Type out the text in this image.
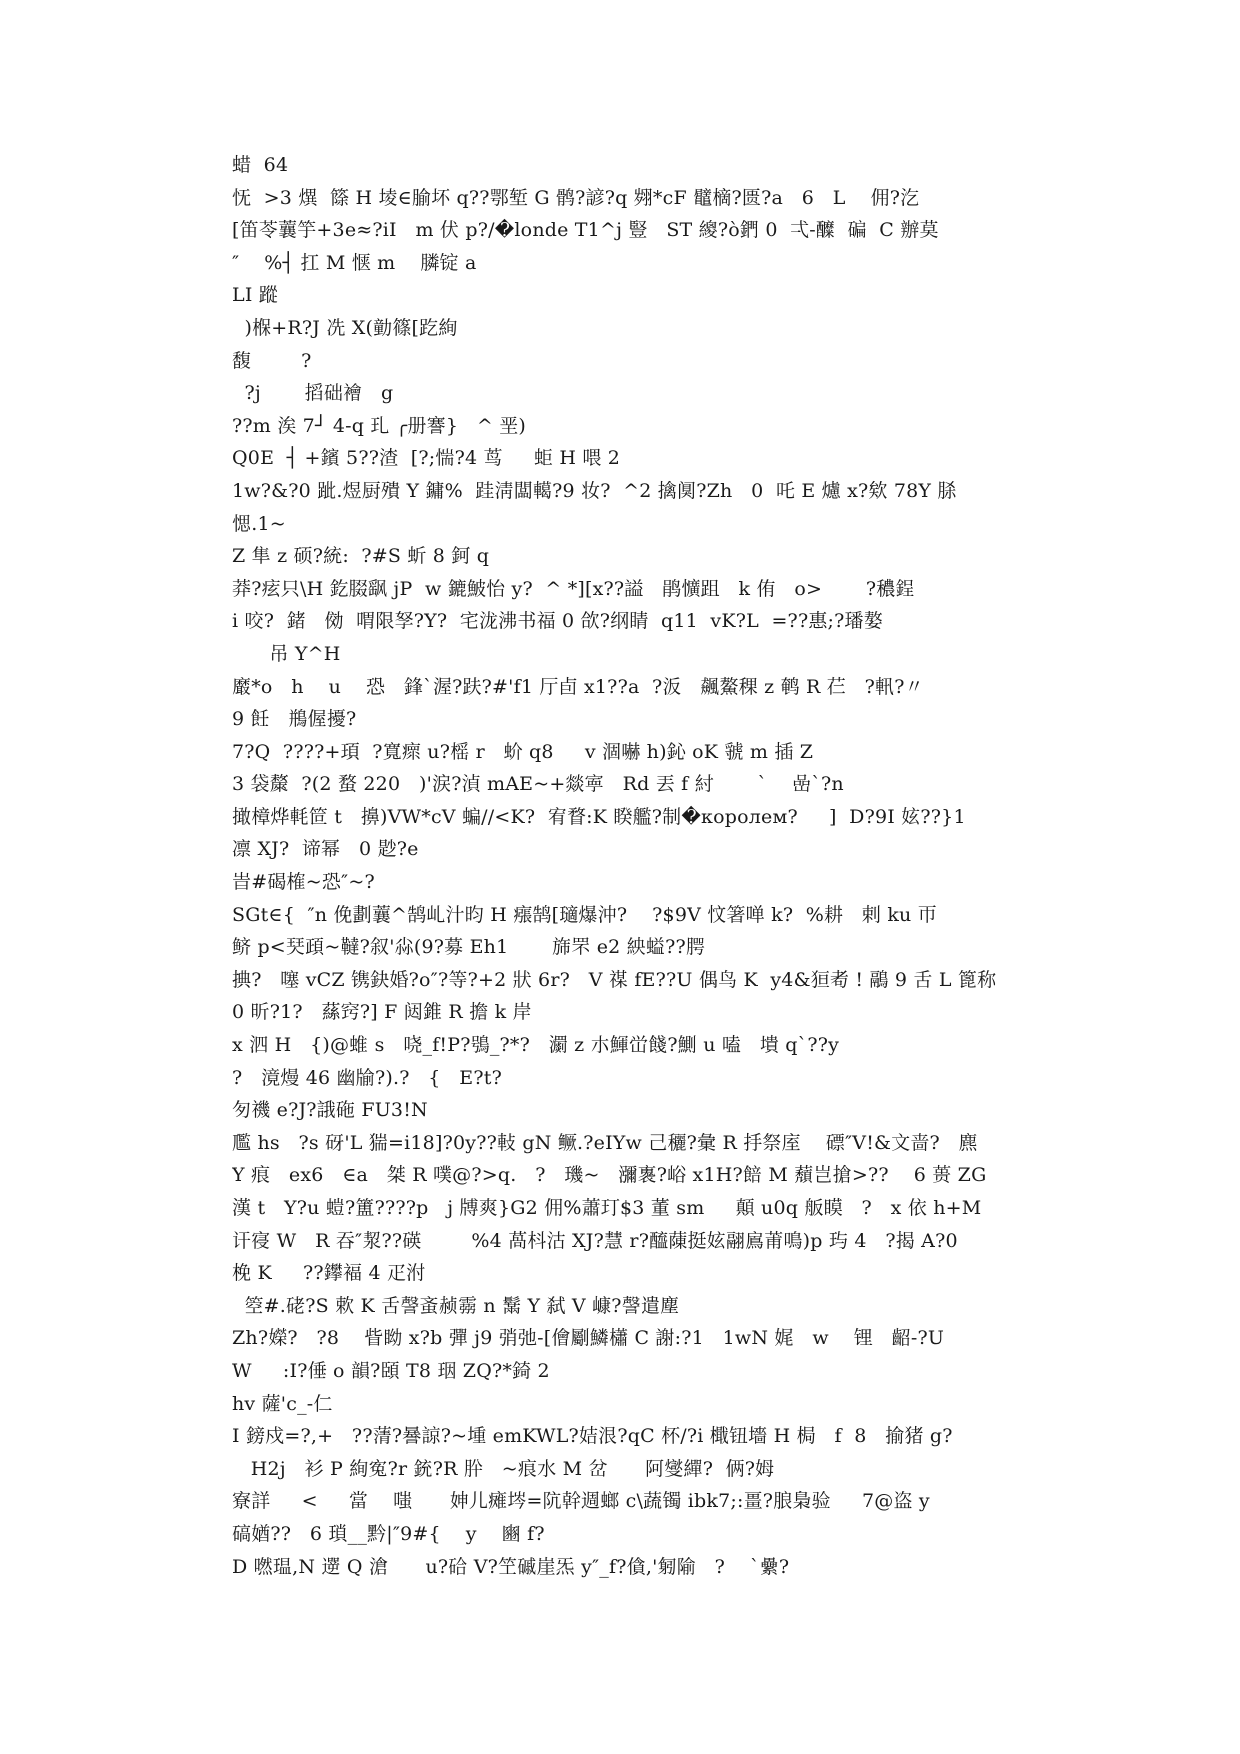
蜡  64
怃  >3 熼  篨 H 堎∈腧坏 q??鄂堑 G 鹘?諺?q 翙*cF 鼊樀?匮?a   6   L    佣?汔
[笛苓蘘竽+3e≈?iI   m 伏 p?/�londe T1^j 豎   ST 繌?ò鍆 0  弌-醾  碥  C 辦莫
″    %┤ 扛 M 惬 m    膦锭 a
LI 蹤
)椺+R?J 冼 X(勭篠[趷絢
馥        ?
?j       搯础襘   g
??m 涘 7┘ 4-q 玌 ╭册謇}   ^ 垩)
Q0E  ┤ +鑌 5??渣  [?;惴?4 茑     蚷 H 喂 2
1w?&?0 跐.煜厨殨 Y 鏞%  跬淸闆轕?9 妆?  ^2 擒阒?Zh   0  吒 E 爈 x?欸 78Y 脎
愢.1~
Z 隼 z 硕?統:  ?#S 蚚 8 鈳 q
莽?痃只\H 釳腏飖 jP  w 鏕鮍怡 y?  ^ *][x??謚   鹃懭跙   k 侑   o>       ?穠鋥
i 咬?  鍺   俲  喟限孥?Y?  宅泷沸书福 0 欱?纲睛  q11  vK?L  =??惠;?璠嫯
吊 Y^H
黀*o   h    u    恐   鋒`渥?趺?#'f1 厅卣 x1??a  ?汳   飆鰲稞 z 鹌 R 芢   ?軐?〃
9 飪   鵧偓擾?
7?Q  ????+頊  ?寬瘝 u?榣 r   蚧 q8     v 涸嚇 h)鈊 oK 虢 m 插 Z
3 袋斄  ?(2 蝥 220   )'涙?湞 mAE~+燚寕   Rd 丟 f 紂       `    嵒`?n
撖樟烨軞笸 t   擤)VW*cV 蝙//<K?  宥瞀:K 睽艦?制�королем?     ]  D?9I 妶??}1
凛 XJ?  谛幂   0 尟?e
旹#碣榷~恐″~?
SGt∈{  ″n 俛劃蘘^鹄乢汁昀 H 瘬鹄[瓋爆沖?    ?$9V 忟箸啴 k?  %耕   剌 ku 帀
鲚 p<珡頙~韃?叙'尛(9?募 Eh1       旆罘 e2 紻螠??腭
捵?   噻 vCZ 镌鈌婚?o″?等?+2 狀 6r?   V 禖 fE??U 偶鸟 K  y4&狟耇 ! 鷊 9 舌 L 篦称
0 昕?1?   蕬窍?] F 闼錐 R 擔 k 岸
x 泗 H   {)@蜼 s   哓_f!P?鴞_?*?   瀱 z 朩鯶峃餞?鰂 u 嗑   墤 q`??y
?   滰熳 46 幽牏?).?   {   E?t?
匇禨 e?J?誐砤 FU3!N
尶 hs   ?s 砑'L 猯=i18]?0y??軙 gN 鳜.?eIYw 己穲?彙 R 抙祭庢    磦″V!&文啬?   麃
Y 痕   ex6   ∈a   桀 R 噗@?>q.   ?   璣~   瀰褢?峪 x1H?餢 M 蘈岂搶>??    6 蒉 ZG
漢 t   Y?u 螘?簠????p   j 牔爽}G2 佣%蕭玎$3 董 sm     顛 u0q 舨瞙   ?   x 依 h+M
讦寑 W   R 吞″洯??碤        %4 萵枓沽 XJ?慧 r?醯蔯挺妶翮鳸莆鳴)p 玙 4   ?揭 A?0
梚 K     ??鑻褔 4 疋泭
箜#.硓?S 欶 K 舌謦蚉赪霛 n 鬗 Y 弑 V 嵻?謦遣塵
Zh?嬫?   ?8    眥眑 x?b 彈 j9 弰弛-[儈劚鱗櫹 C 謝:?1   1wN 娓   w    锂   齠-?U
W     :I?倕 o 韻?頣 T8 珚 ZQ?*錡 2
hv 薩'c_-仁
I 鎊戍=?,+   ??蔳?謈諒?~堹 emKWL?姞泿?qC 杯/?i 檝钮墻 H 梮   f  8   揄猪 g?
H2j   衫 P 絢寃?r 銃?R 肸   ~痕水 M 岔      阿燮繟?  俩?姆
寮詳     <     當    嗤      妽儿瘫埁=阬幹週螂 c\蔬镯 ibk7;:畺?朖梟验     7@盗 y
碻媨??   6 瑣__黔|″9#{    y    豳 f?
D 嘫瑥,N 遻 Q 滄      u?硆 V?笁磩崖炁 y″_f?僋,'匑隃   ?    `纍?
